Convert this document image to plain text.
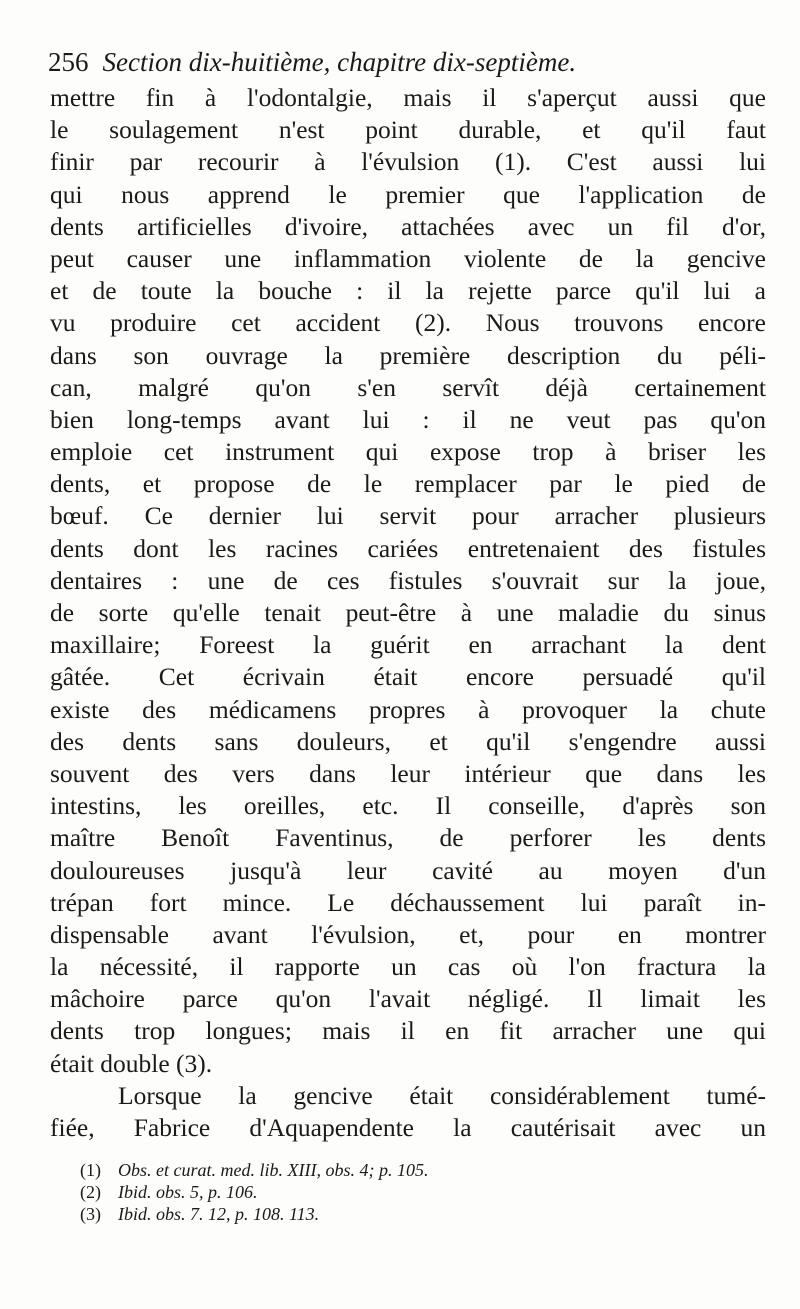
256 Section dix-huitième, chapitre dix-septième.
mettre fin à l'odontalgie, mais il s'aperçut aussi que
le soulagement n'est point durable, et qu'il faut
finir par recourir à l'évulsion (1). C'est aussi lui
qui nous apprend le premier que l'application de
dents artificielles d'ivoire, attachées avec un fil d'or,
peut causer une inflammation violente de la gencive
et de toute la bouche : il la rejette parce qu'il lui a
vu produire cet accident (2). Nous trouvons encore
dans son ouvrage la première description du péli-
can, malgré qu'on s'en servît déjà certainement
bien long-temps avant lui : il ne veut pas qu'on
emploie cet instrument qui expose trop à briser les
dents, et propose de le remplacer par le pied de
bœuf. Ce dernier lui servit pour arracher plusieurs
dents dont les racines cariées entretenaient des fistules
dentaires : une de ces fistules s'ouvrait sur la joue,
de sorte qu'elle tenait peut-être à une maladie du sinus
maxillaire; Foreest la guérit en arrachant la dent
gâtée. Cet écrivain était encore persuadé qu'il
existe des médicamens propres à provoquer la chute
des dents sans douleurs, et qu'il s'engendre aussi
souvent des vers dans leur intérieur que dans les
intestins, les oreilles, etc. Il conseille, d'après son
maître Benoît Faventinus, de perforer les dents
douloureuses jusqu'à leur cavité au moyen d'un
trépan fort mince. Le déchaussement lui paraît in-
dispensable avant l'évulsion, et, pour en montrer
la nécessité, il rapporte un cas où l'on fractura la
mâchoire parce qu'on l'avait négligé. Il limait les
dents trop longues; mais il en fit arracher une qui
était double (3).
Lorsque la gencive était considérablement tumé-
fiée, Fabrice d'Aquapendente la cautérisait avec un
(1) Obs. et curat. med. lib. XIII, obs. 4; p. 105.
(2) Ibid. obs. 5, p. 106.
(3) Ibid. obs. 7. 12, p. 108. 113.
